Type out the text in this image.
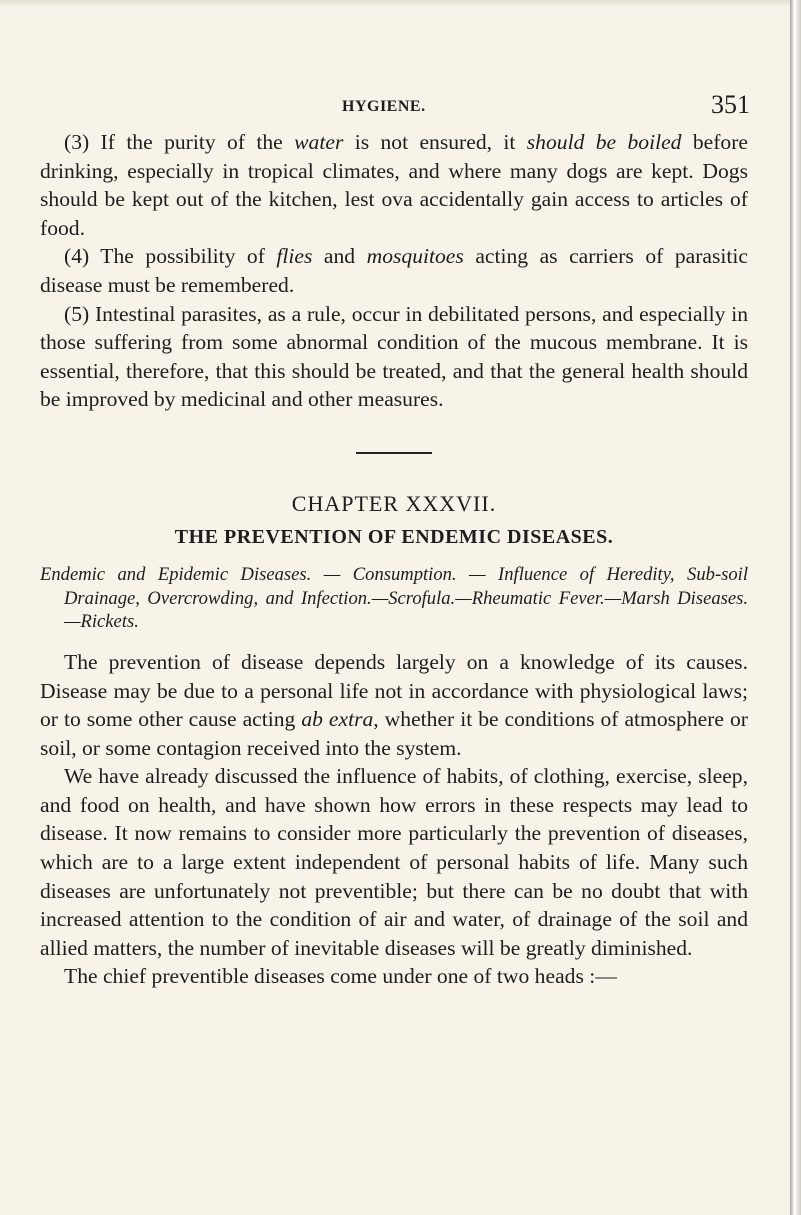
HYGIENE.	351

(3) If the purity of the water is not ensured, it should be boiled before drinking, especially in tropical climates, and where many dogs are kept. Dogs should be kept out of the kitchen, lest ova accidentally gain access to articles of food.

(4) The possibility of flies and mosquitoes acting as carriers of parasitic disease must be remembered.

(5) Intestinal parasites, as a rule, occur in debilitated persons, and especially in those suffering from some abnormal condition of the mucous membrane. It is essential, therefore, that this should be treated, and that the general health should be improved by medicinal and other measures.

CHAPTER XXXVII.
THE PREVENTION OF ENDEMIC DISEASES.
Endemic and Epidemic Diseases. — Consumption. — Influence of Heredity, Sub-soil Drainage, Overcrowding, and Infection.—Scrofula.—Rheumatic Fever.—Marsh Diseases.—Rickets.

The prevention of disease depends largely on a knowledge of its causes. Disease may be due to a personal life not in accordance with physiological laws; or to some other cause acting ab extra, whether it be conditions of atmosphere or soil, or some contagion received into the system.

We have already discussed the influence of habits, of clothing, exercise, sleep, and food on health, and have shown how errors in these respects may lead to disease. It now remains to consider more particularly the prevention of diseases, which are to a large extent independent of personal habits of life. Many such diseases are unfortunately not preventible; but there can be no doubt that with increased attention to the condition of air and water, of drainage of the soil and allied matters, the number of inevitable diseases will be greatly diminished.

The chief preventible diseases come under one of two heads :—
